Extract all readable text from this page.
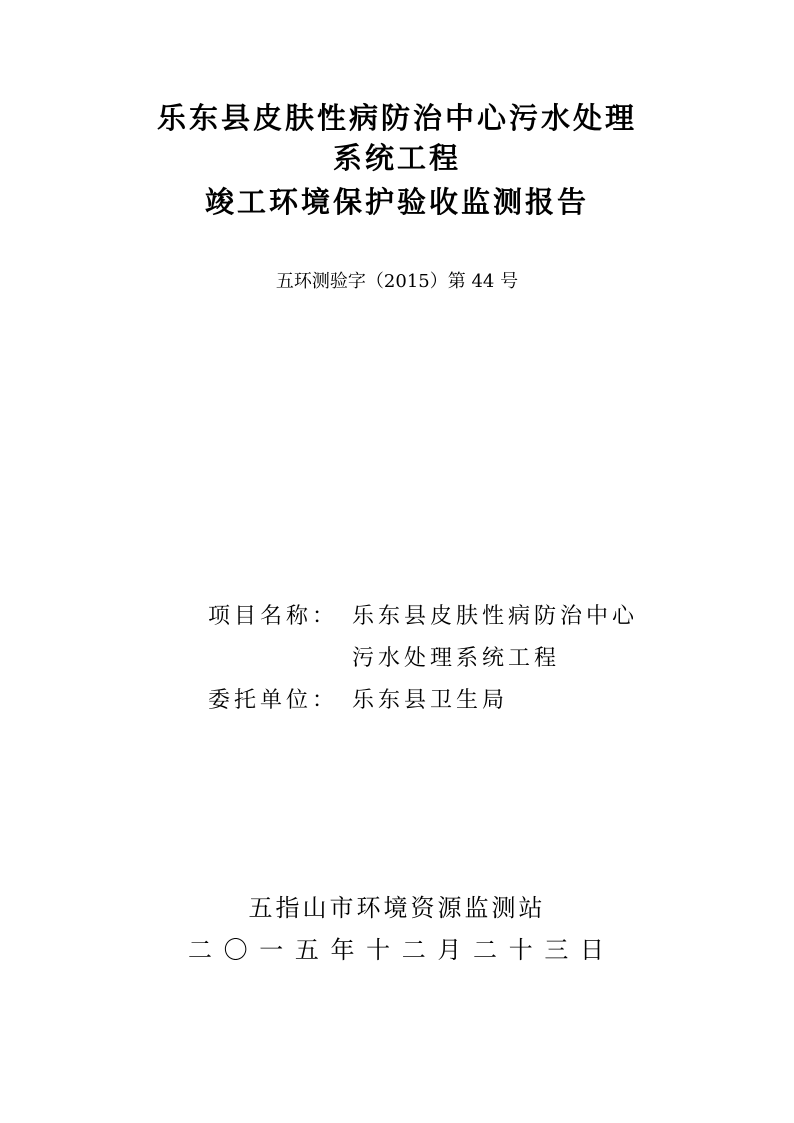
乐东县皮肤性病防治中心污水处理
系统工程
竣工环境保护验收监测报告
五环测验字（2015）第 44 号
项目名称： 乐东县皮肤性病防治中心
污水处理系统工程
委托单位： 乐东县卫生局
五指山市环境资源监测站
二 〇 一 五 年 十 二 月 二 十 三 日
